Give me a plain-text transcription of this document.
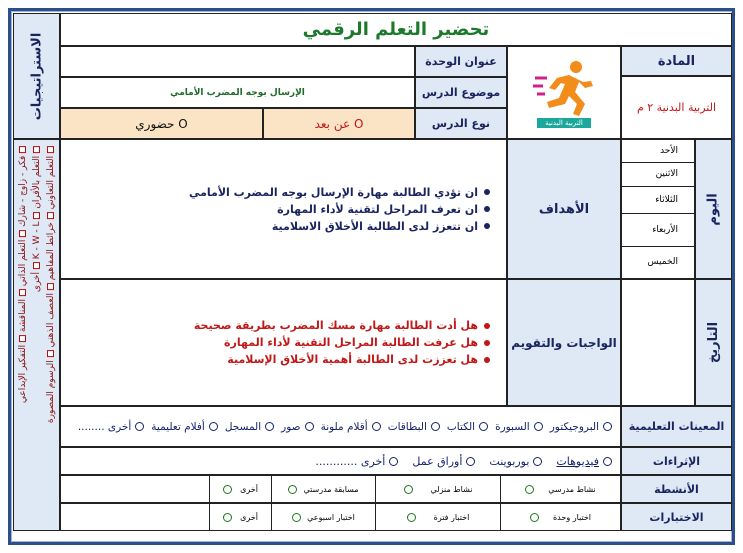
تحضير التعلم الرقمي
الاستراتيجيات	المادة
التربية البدنية ٢ م
التربية البدنية
عنوان الوحدة
موضوع الدرس
الإرسال بوجه المضرب الأمامي
نوع الدرس
عن بعد O
حضوري O
التعلم التعاوني  خرائط المفاهيم  العصف الذهني  الرسوم المصورة
التعلم بالأقران  K - W - L  أخرى
فكر - زاوج - شارك  التعلم الذاتي  المناقشة  التفكير الإبداعي
اليوم
الأحد
الاثنين
الثلاثاء
الأربعاء
الخميس
التاريخ
الأهداف
ان تؤدي الطالبة مهارة الإرسال بوجه المضرب الأمامي
ان تعرف المراحل لتقنية لأداء المهارة
ان تتعزز لدى الطالبة الأخلاق الاسلامية
الواجبات والتقويم
هل أدت الطالبة مهارة مسك المضرب بطريقة صحيحة
هل عرفت الطالبة المراحل التقنية لأداء المهارة
هل تعززت لدى الطالبة أهمية الأخلاق الإسلامية
المعينات التعليمية
البروجيكتور
السبورة
الكتاب
البطاقات
أقلام ملونة
صور
المسجل
أفلام تعليمية
أخرى ........
الإثراءات
فيديوهات
بوربوينت
أوراق عمل
أخرى ............
الأنشطة
نشاط مدرسي
نشاط منزلي
مسابقة مدرستي
أخرى
الاختبارات
اختبار وحدة
اختبار فترة
اختبار اسبوعي
أخرى
